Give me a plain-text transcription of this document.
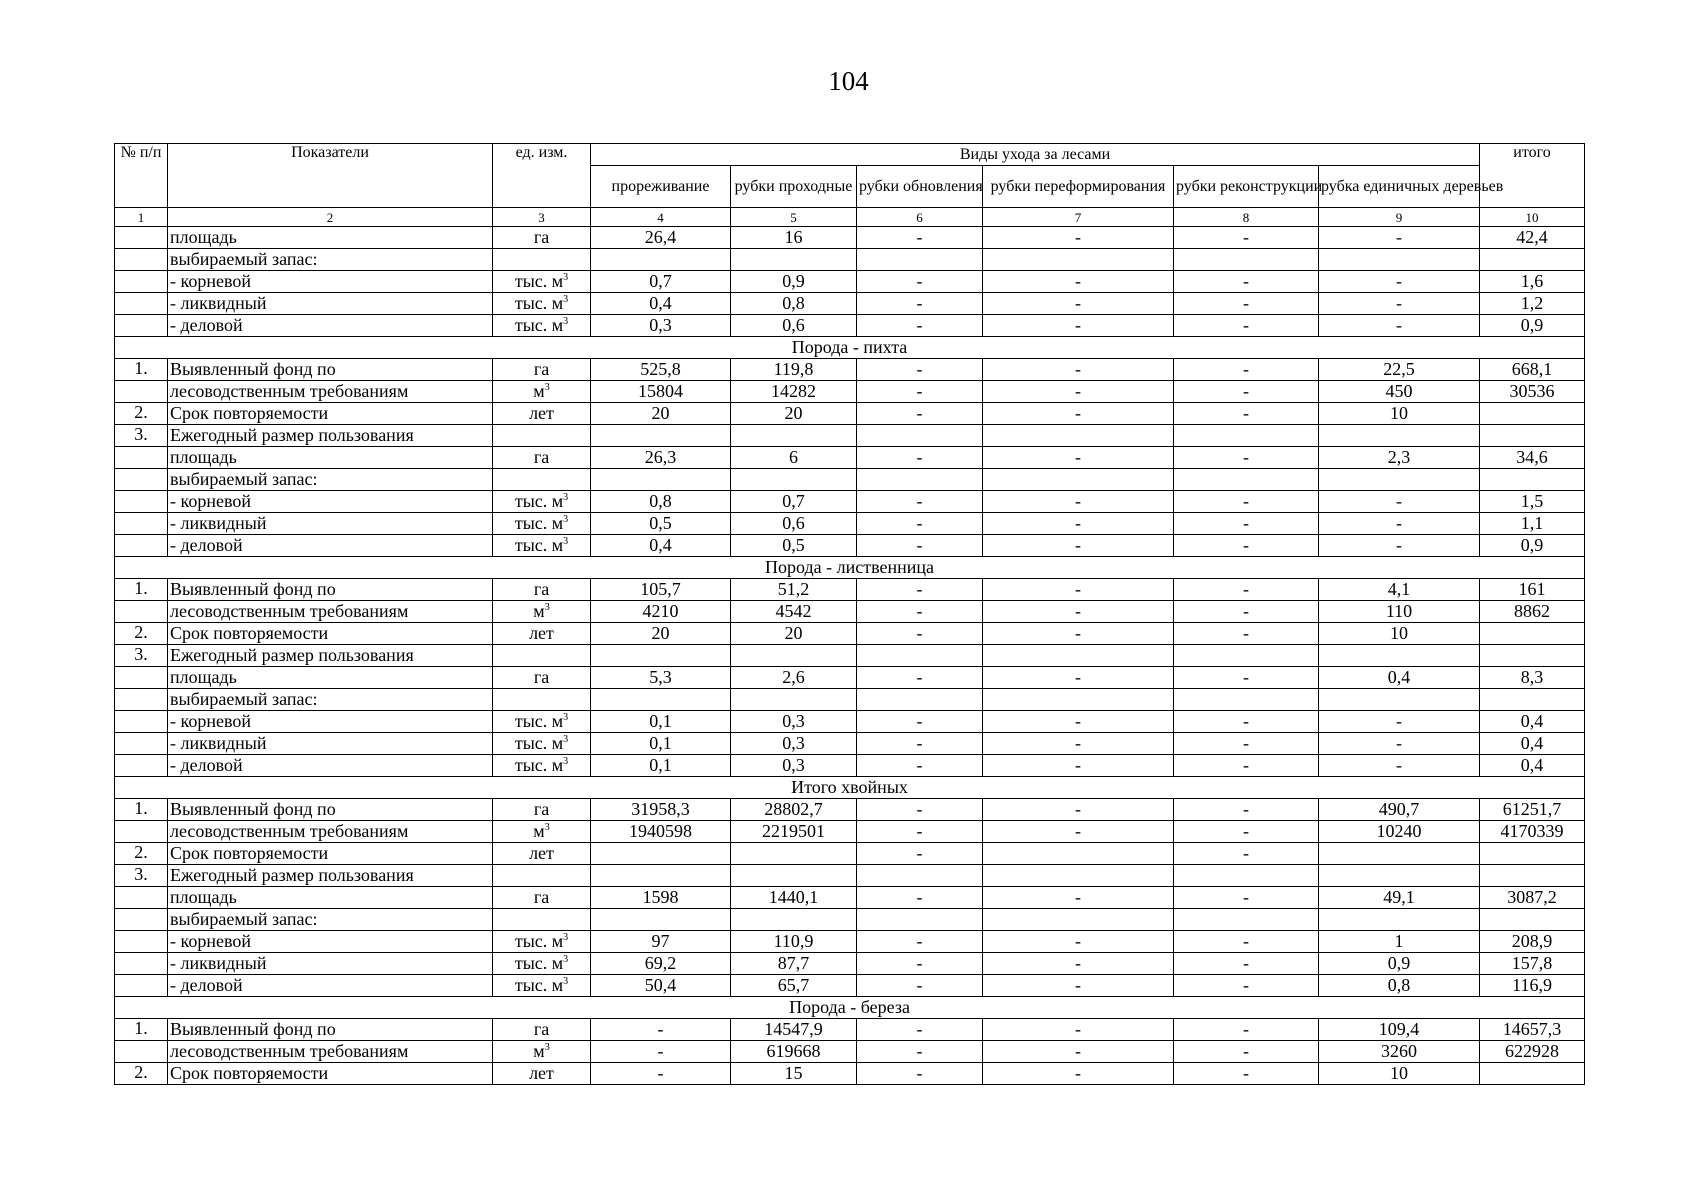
104
№ п/п	Показатели	ед. изм.	Виды ухода за лесами						итого
			прореживание	рубки проходные	рубки обновления	рубки переформирования	рубки реконструкции	рубка единичных деревьев	
1	2	3	4	5	6	7	8	9	10
	площадь	га	26,4	16	-	-	-	-	42,4
	выбираемый запас:								
	- корневой	тыс. $м^3$	0,7	0,9	-	-	-	-	1,6
	- ликвидный	тыс. $м^3$	0,4	0,8	-	-	-	-	1,2
	- деловой	тыс. $м^3$	0,3	0,6	-	-	-	-	0,9
Порода - пихта									
1.	Выявленный фонд по	га	525,8	119,8	-	-	-	22,5	668,1
	лесоводственным требованиям	$м^3$	15804	14282	-	-	-	450	30536
2.	Срок повторяемости	лет	20	20	-	-	-	10	
3.	Ежегодный размер пользования								
	площадь	га	26,3	6	-	-	-	2,3	34,6
	выбираемый запас:								
	- корневой	тыс. $м^3$	0,8	0,7	-	-	-	-	1,5
	- ликвидный	тыс. $м^3$	0,5	0,6	-	-	-	-	1,1
	- деловой	тыс. $м^3$	0,4	0,5	-	-	-	-	0,9
Порода - лиственница									
1.	Выявленный фонд по	га	105,7	51,2	-	-	-	4,1	161
	лесоводственным требованиям	$м^3$	4210	4542	-	-	-	110	8862
2.	Срок повторяемости	лет	20	20	-	-	-	10	
3.	Ежегодный размер пользования								
	площадь	га	5,3	2,6	-	-	-	0,4	8,3
	выбираемый запас:								
	- корневой	тыс. $м^3$	0,1	0,3	-	-	-	-	0,4
	- ликвидный	тыс. $м^3$	0,1	0,3	-	-	-	-	0,4
	- деловой	тыс. $м^3$	0,1	0,3	-	-	-	-	0,4
Итого хвойных									
1.	Выявленный фонд по	га	31958,3	28802,7	-	-	-	490,7	61251,7
	лесоводственным требованиям	$м^3$	1940598	2219501	-	-	-	10240	4170339
2.	Срок повторяемости	лет			-		-		
3.	Ежегодный размер пользования								
	площадь	га	1598	1440,1	-	-	-	49,1	3087,2
	выбираемый запас:								
	- корневой	тыс. $м^3$	97	110,9	-	-	-	1	208,9
	- ликвидный	тыс. $м^3$	69,2	87,7	-	-	-	0,9	157,8
	- деловой	тыс. $м^3$	50,4	65,7	-	-	-	0,8	116,9
Порода - береза									
1.	Выявленный фонд по	га	-	14547,9	-	-	-	109,4	14657,3
	лесоводственным требованиям	$м^3$	-	619668	-	-	-	3260	622928
2.	Срок повторяемости	лет	-	15	-	-	-	10	
